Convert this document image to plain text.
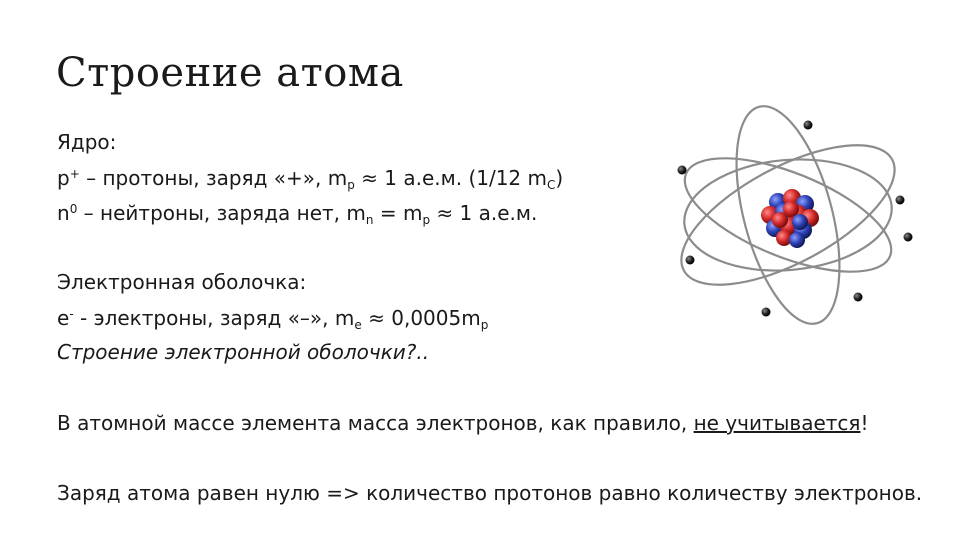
Строение атома
Ядро:
p+ – протоны, заряд «+», $m_p \approx 1$ а.е.м. (1/12 $m_C$)
$n^0$ – нейтроны, заряда нет, $m_n = m_p \approx 1$ а.е.м.
Электронная оболочка:
e- - электроны, заряд «–», $m_e \approx 0,0005m_p$
Строение электронной оболочки?..
В атомной массе элемента масса электронов, как правило, не учитывается!
Заряд атома равен нулю => количество протонов равно количеству электронов.
